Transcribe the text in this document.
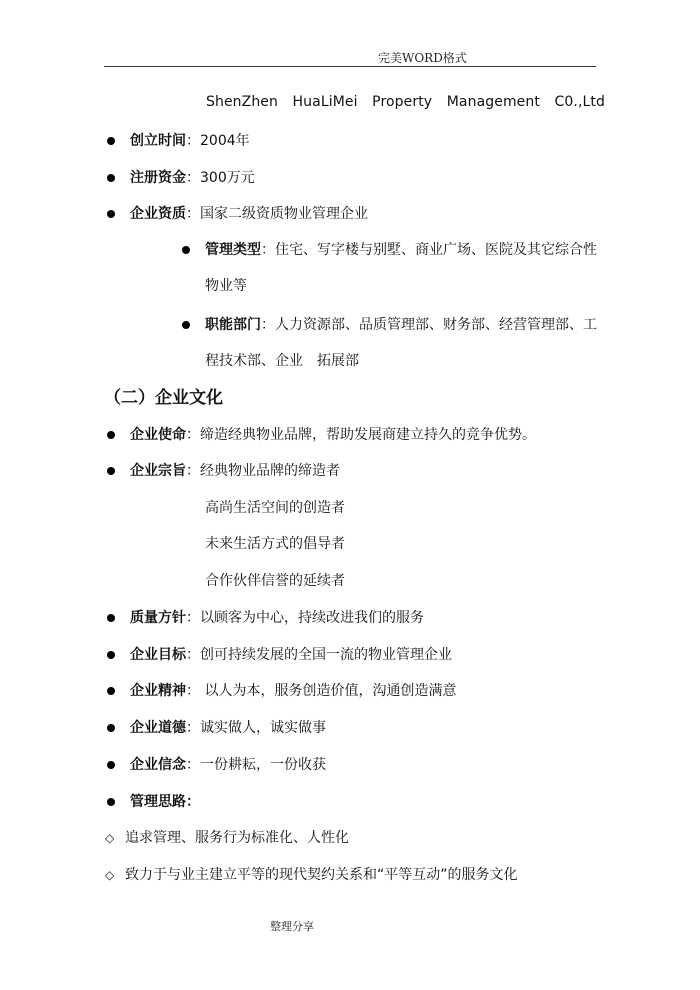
完美WORD格式
ShenZhen HuaLiMei Property Management C0.,Ltd
创立时间：2004年
注册资金：300万元
企业资质：国家二级资质物业管理企业
管理类型：住宅、写字楼与别墅、商业广场、医院及其它综合性
物业等
职能部门：人力资源部、品质管理部、财务部、经营管理部、工
程技术部、企业　拓展部
（二）企业文化
企业使命：缔造经典物业品牌，帮助发展商建立持久的竞争优势。
企业宗旨：经典物业品牌的缔造者
高尚生活空间的创造者
未来生活方式的倡导者
合作伙伴信誉的延续者
质量方针：以顾客为中心，持续改进我们的服务
企业目标：创可持续发展的全国一流的物业管理企业
企业精神： 以人为本，服务创造价值，沟通创造满意
企业道德：诚实做人，诚实做事
企业信念：一份耕耘，一份收获
管理思路：
◇ 追求管理、服务行为标准化、人性化
◇ 致力于与业主建立平等的现代契约关系和“平等互动”的服务文化
整理分享
